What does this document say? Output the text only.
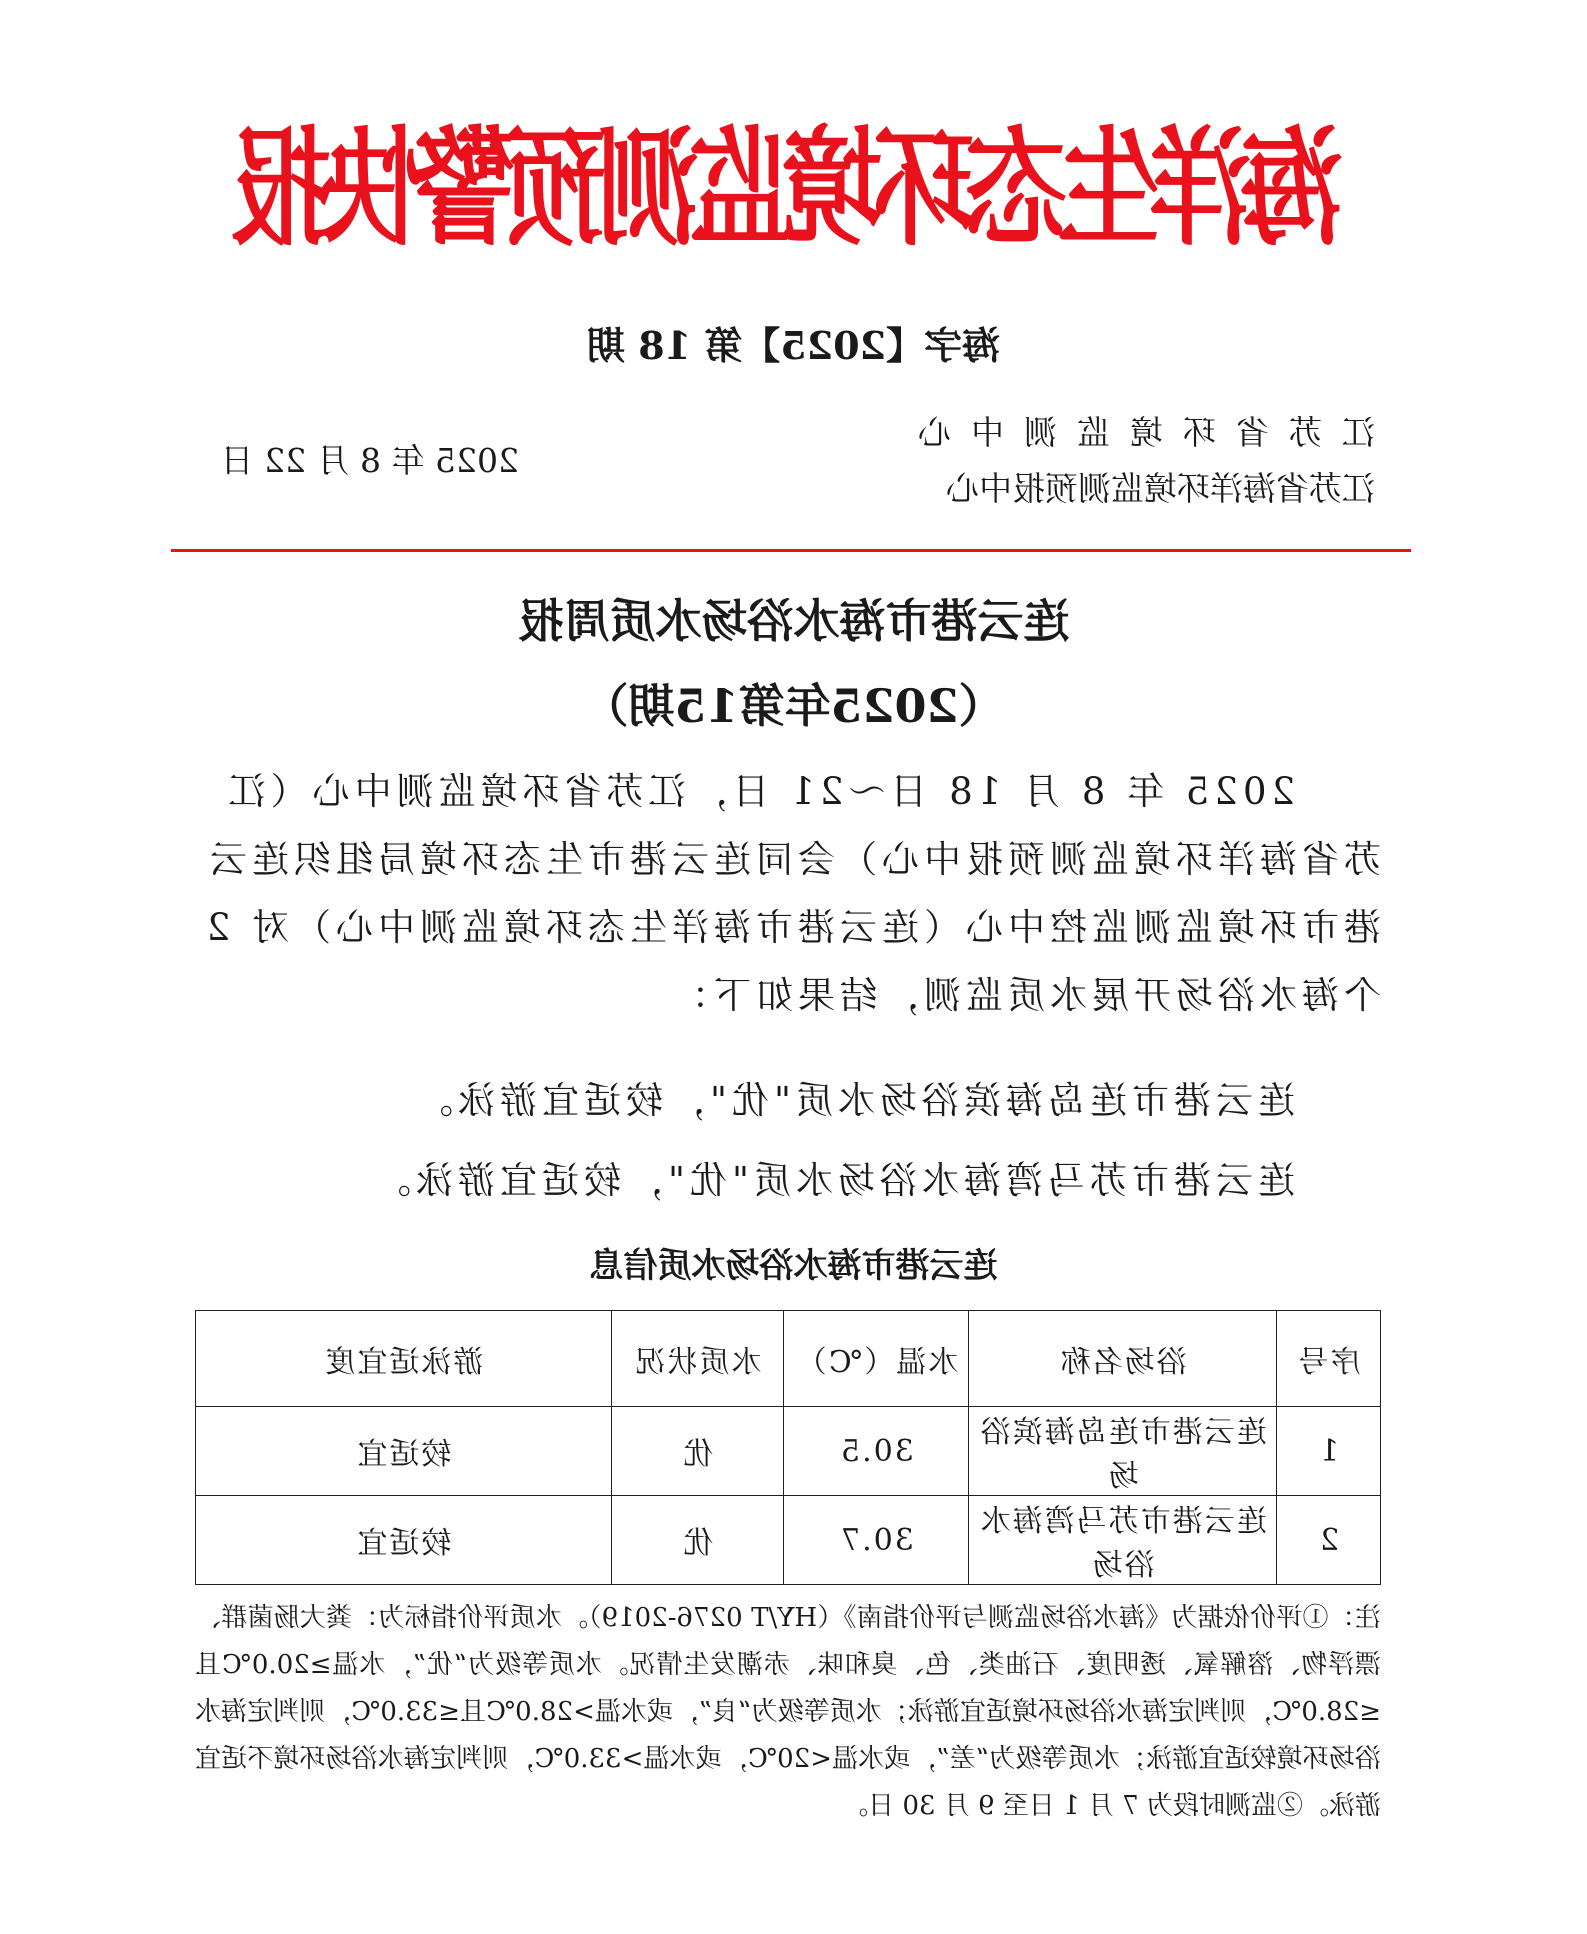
海洋生态环境监测预警快报
海字【2025】第 18 期
江苏省环境监测中心
江苏省海洋环境监测预报中心
2025 年 8 月 22 日
连云港市海水浴场水质周报
（2025年第15期）

2025 年 8 月 18 日～21 日，江苏省环境监测中心（江苏省海洋环境监测预报中心）会同连云港市生态环境局组织连云港市环境监测监控中心（连云港市海洋生态环境监测中心）对 2 个海水浴场开展水质监测，结果如下：

连云港市连岛海滨浴场水质"优"，较适宜游泳。

连云港市苏马湾海水浴场水质"优"，较适宜游泳。

连云港市海水浴场水质信息
序号	浴场名称	水温（℃）	水质状况	游泳适宜度
1	连云港市连岛海滨浴场	30.5	优	较适宜
2	连云港市苏马湾海水浴场	30.7	优	较适宜

注：①评价依据为《海水浴场监测与评价指南》（HY/T 0276-2019）。水质评价指标为：粪大肠菌群、漂浮物、溶解氧、透明度、石油类、色、臭和味、赤潮发生情况。水质等级为“优”，水温≥20.0℃且≤28.0℃，则判定海水浴场环境适宜游泳；水质等级为“良”，或水温>28.0℃且≤33.0℃，则判定海水浴场环境较适宜游泳；水质等级为“差”，或水温<20℃，或水温>33.0℃，则判定海水浴场环境不适宜游泳。②监测时段为 7 月 1 日至 9 月 30 日。
